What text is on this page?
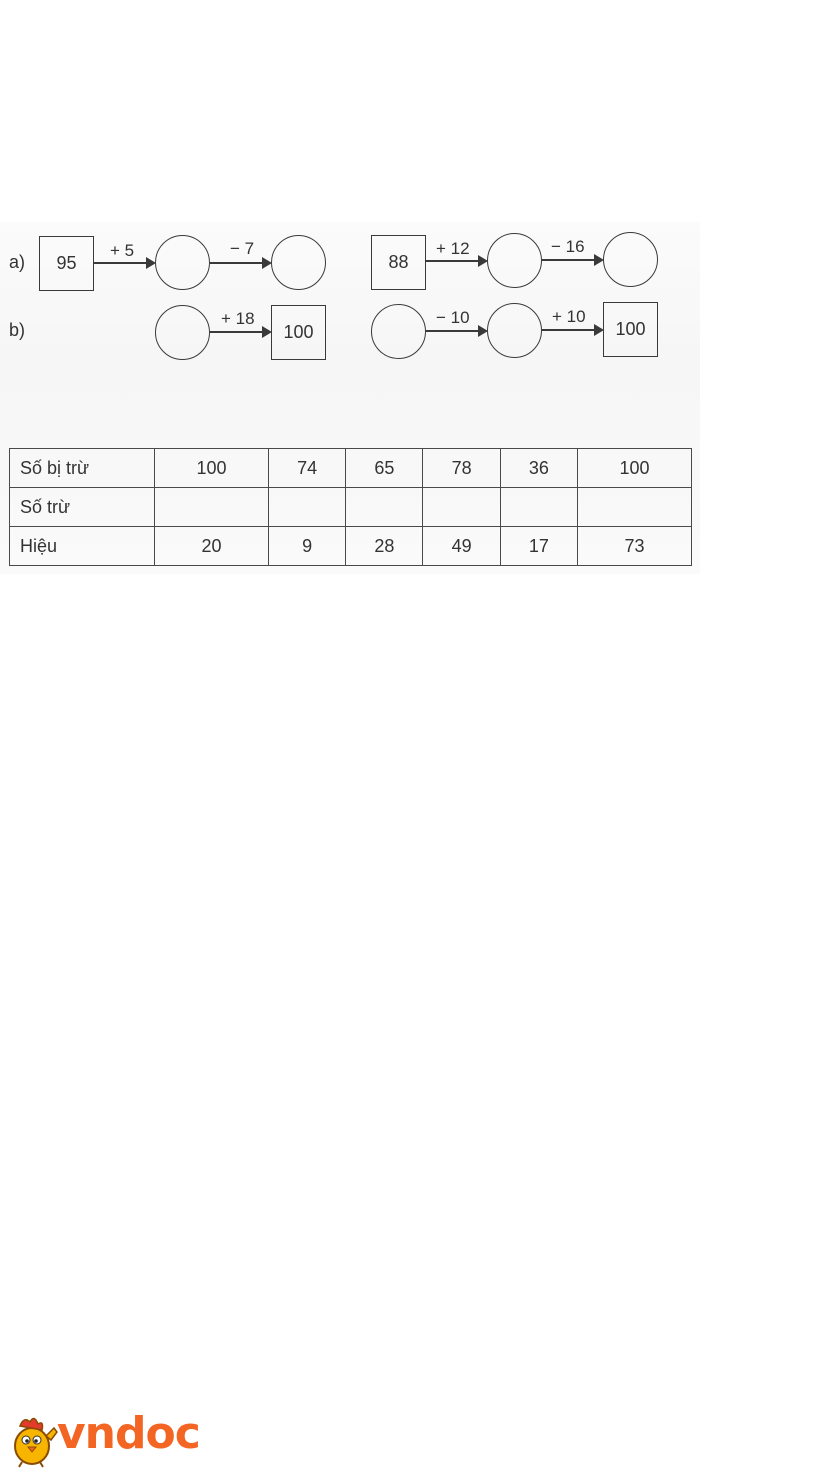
a)	95
+ 5	− 7
88
+ 12	− 16
b)
+ 18
100
− 10	+ 10
100
Số bị trừ	100	74	65	78	36	100
Số trừ						
Hiệu	20	9	28	49	17	73
vndoc
